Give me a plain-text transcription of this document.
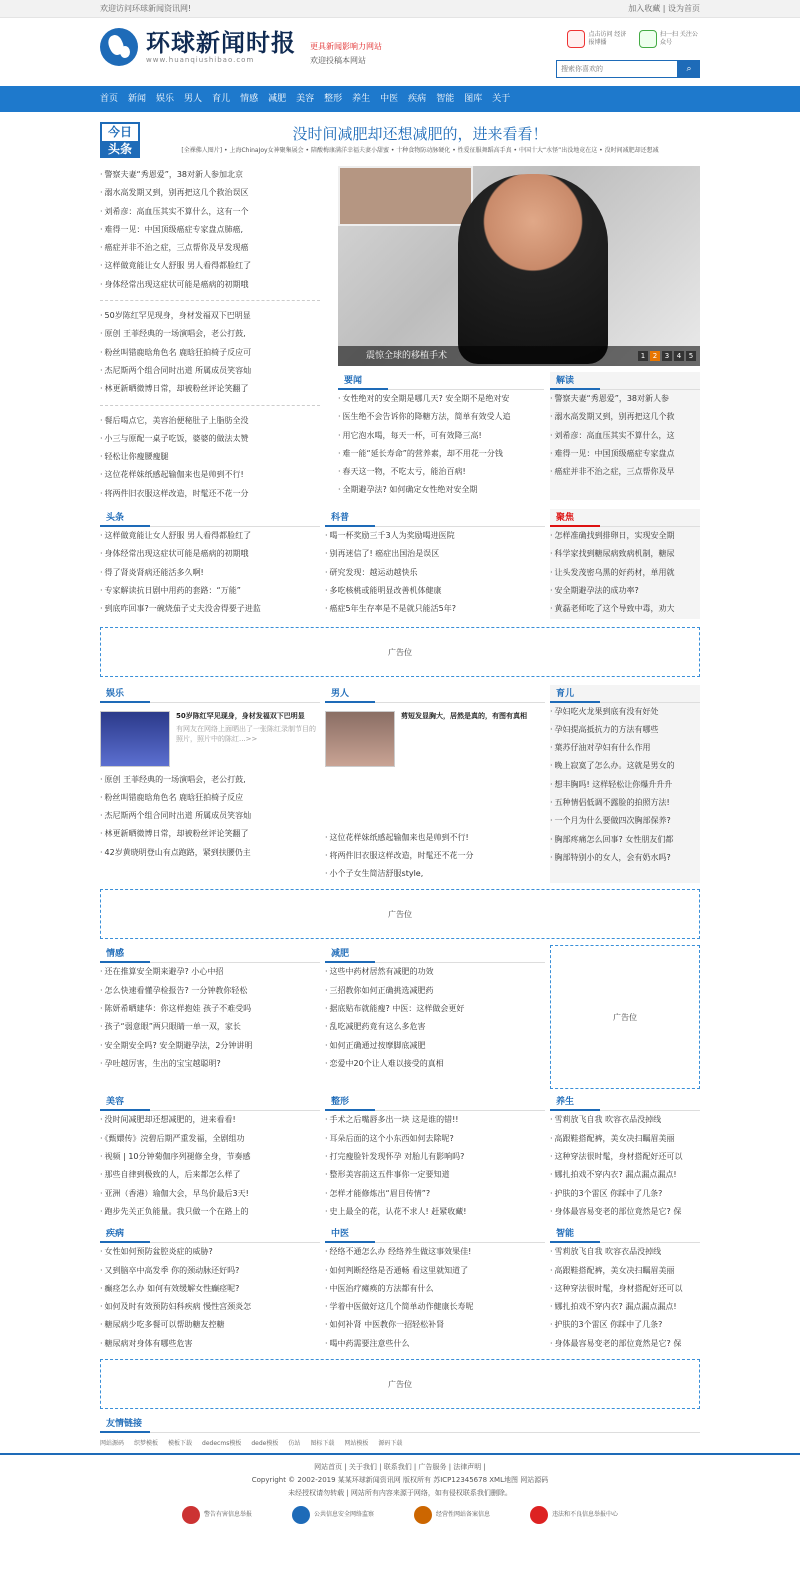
欢迎访问环球新闻资讯网!	加入收藏 | 设为首页
环球新闻时报
www.huanqiushibao.com
更具新闻影响力网站
欢迎投稿本网站
点击访问 经济报博播

扫一扫 关注公众号
搜索你喜欢的
⌕
首页 新闻 娱乐 男人 育儿 情感 减肥 美容 整形 养生 中医 疾病 智能 图库 关于
今日
头条
没时间减肥却还想减肥的，进来看看！
[全裸佛人图片] • 上海ChinaJoy女神聚集展会 • 陪酸梅康满洋幸福夫妻小甜蜜 • 十种食物防动脉硬化 • 性爱征服舞蹈高手真 • 中国十大“水怪”出没地竟在这 • 没时间减肥却还想减
· 警察夫妻“秀恩爱”，38对新人参加北京
· 溺水高发期又到，别再把这几个救治误区
· 刘希彦：高血压其实不算什么，这有一个
· 难得一见：中国顶级癌症专家盘点肺癌,
· 癌症并非不治之症，三点帮你及早发现癌
· 这样做竟能让女人舒服 男人看得都脸红了
· 身体经常出现这症状可能是癌病的初期哦
· 50岁陈红罕见现身，身材发福双下巴明显
· 原创 王菲经典的一场演唱会，老公打鼓,
· 粉丝叫错鹿晗角色名 鹿晗狂拍椅子反应可
· 杰尼斯两个组合同时出道 所属成员笑容灿
· 林更新晒微博日常，却被粉丝评论笑翻了
· 餐后喝点它，美容治便秘肚子上脂肪全没
· 小三与原配一桌子吃饭，婆婆的做法太赞
· 轻松让你瘦腰瘦腿
· 这位花样妹纸感起输伽来也是帅到不行!
· 将两件旧衣服这样改造，时髦还不花一分
震惊全球的移植手术	1	2	3	4	5
要闻
· 女性绝对的安全期是哪几天? 安全期不是绝对安
· 医生绝不会告诉你的降糖方法，简单有效受人追
· 用它泡水喝，每天一杯，可有效降三高!
· 难一能“延长寿命”的营养素，却不用花一分钱
· 春天这一物，不吃太亏，能治百病!
· 全期避孕法? 如何确定女性绝对安全期
解读
· 警察夫妻“秀恩爱”，38对新人参
· 溺水高发期又到，别再把这几个救
· 刘希彦：高血压其实不算什么，这
· 难得一见：中国顶级癌症专家盘点
· 癌症并非不治之症，三点帮你及早
头条
· 这样做竟能让女人舒服 男人看得都脸红了
· 身体经常出现这症状可能是癌病的初期哦
· 得了肾炎肾病还能活多久啊!
· 专家解读抗日剧中用药的套路：“万能”
· 到底咋回事?一碗烧茄子丈夫没舍得要子进监
科普
· 喝一杯奖励三千3人为奖励喝进医院
· 别再迷信了! 癌症出国治是误区
· 研究发现：越运动越快乐
· 多吃核桃或能明显改善机体健康
· 癌症5年生存率是不是就只能活5年?
聚焦
· 怎样准确找到排卵日，实现安全期
· 科学家找到糖尿病致病机制，糖尿
· 让头发茂密乌黑的好药材，单用就
· 安全期避孕法的成功率?
· 黄磊老师吃了这个导致中毒，劝大
广告位
娱乐
50岁陈红罕见现身，身材发福双下巴明显
有网友在网络上面晒出了一张陈红录制节目的照片，照片中的陈红...>>
· 原创 王菲经典的一场演唱会，老公打鼓,
· 粉丝叫错鹿晗角色名 鹿晗狂拍椅子反应
· 杰尼斯两个组合同时出道 所属成员笑容灿
· 林更新晒微博日常，却被粉丝评论笑翻了
· 42岁黄晓明登山有点跑路，紧到扶腰仍主
男人
剪短发显胸大，居然是真的，有图有真相
· 这位花样妹纸感起输伽来也是帅到不行!
· 将两件旧衣服这样改造，时髦还不花一分
· 小个子女生简洁舒服style,
育儿
· 孕妇吃火龙果到底有没有好处
· 孕妇提高抵抗力的方法有哪些
· 葉苏仔油对孕妇有什么作用
· 晚上寂寞了怎么办。这就是男女的
· 想丰胸吗! 这样轻松让你爆升升升
· 五种情侣低调不露脸的拍照方法!
· 一个月为什么要做四次胸部保养?
· 胸部疼痛怎么回事? 女性朋友们都
· 胸部特别小的女人，会有奶水吗?
广告位
情感
· 还在推算安全期来避孕? 小心中招
· 怎么快速看懂孕检报告? 一分钟教你轻松
· 陈妍希晒建华：你这样抱娃 孩子不难受吗
· 孩子“弱意眼”两只眼睛一单一双，家长
· 安全期安全吗? 安全期避孕法，2分钟讲明
· 孕吐越厉害，生出的宝宝越聪明?
减肥
· 这些中药材居然有减肥的功效
· 三招教你如何正确挑选减肥药
· 据底贴布就能瘦? 中医：这样做会更好
· 乱吃减肥药竟有这么多危害
· 如何正确通过按摩脚底减肥
· 恋爱中20个让人难以接受的真相
广告位
美容
· 没时间减肥却还想减肥的，进来看看!
· 《甄嬛传》浣碧后期严重发福，全剧组功
· 视频 | 10分钟菊伽序列褪修全身，节奏感
· 那些自律到极致的人，后来都怎么样了
· 亚洲（香港）瑜伽大会，早鸟价最后3天!
· 跑步先关正负能量。我只做一个在路上的
整形
· 手术之后嘴唇多出一块 这是谁的错!!
· 耳朵后面的这个小东西如何去除呢?
· 打完瘦脸针发现怀孕 对胎儿有影响吗?
· 整形美容前这五件事你一定要知道
· 怎样才能修炼出“眉目传情”?
· 史上最全的花，认花不求人! 赶紧收藏!
养生
· 雪莉放飞自我 吹容衣品没掉线
· 高跟鞋搭配裤，美女决扫瞩眉美丽
· 这种穿法很时髦，身材搭配好还可以
· 娜扎拍戏不穿内衣? 漏点漏点漏点!
· 护肤的3个雷区 你踩中了几条?
· 身体最容易变老的部位竟然是它? 保
疾病
· 女性如何预防盆腔炎症的威胁?
· 又到脑卒中高发季 你的颈动脉还好吗?
· 癫痉怎么办 如何有效缓解女性癫痉呢?
· 如何及时有效预防妇科疾病 慢性宫颈炎怎
· 糖尿病少吃多餐可以帮助糖友控糖
· 糖尿病对身体有哪些危害
中医
· 经络不通怎么办 经络养生做这事效果佳!
· 如何判断经络是否通畅 看这里就知道了
· 中医治疗瘫痪的方法都有什么
· 学着中医做好这几个简单动作健康长寿呢
· 如何补肾 中医教你一招轻松补肾
· 喝中药需要注意些什么
智能
· 雪莉放飞自我 吹容衣品没掉线
· 高跟鞋搭配裤，美女决扫瞩眉美丽
· 这种穿法很时髦，身材搭配好还可以
· 娜扎拍戏不穿内衣? 漏点漏点漏点!
· 护肤的3个雷区 你踩中了几条?
· 身体最容易变老的部位竟然是它? 保
广告位
友情链接
网站源码 织梦模板 模板下载 dedecms模板 dede模板 仿站 图标下载 网站模板 源码下载
网站首页 | 关于我们 | 联系我们 | 广告服务 | 法律声明 |
Copyright © 2002-2019 某某环球新闻资讯网 版权所有 苏ICP12345678 XML地图 网站源码
未经授权请勿转载 | 网站所有内容来源于网络，如有侵权联系我们删除。
警告有害信息举报	公共信息安全网络监察	经营性网站备案信息	违法和不良信息举报中心
